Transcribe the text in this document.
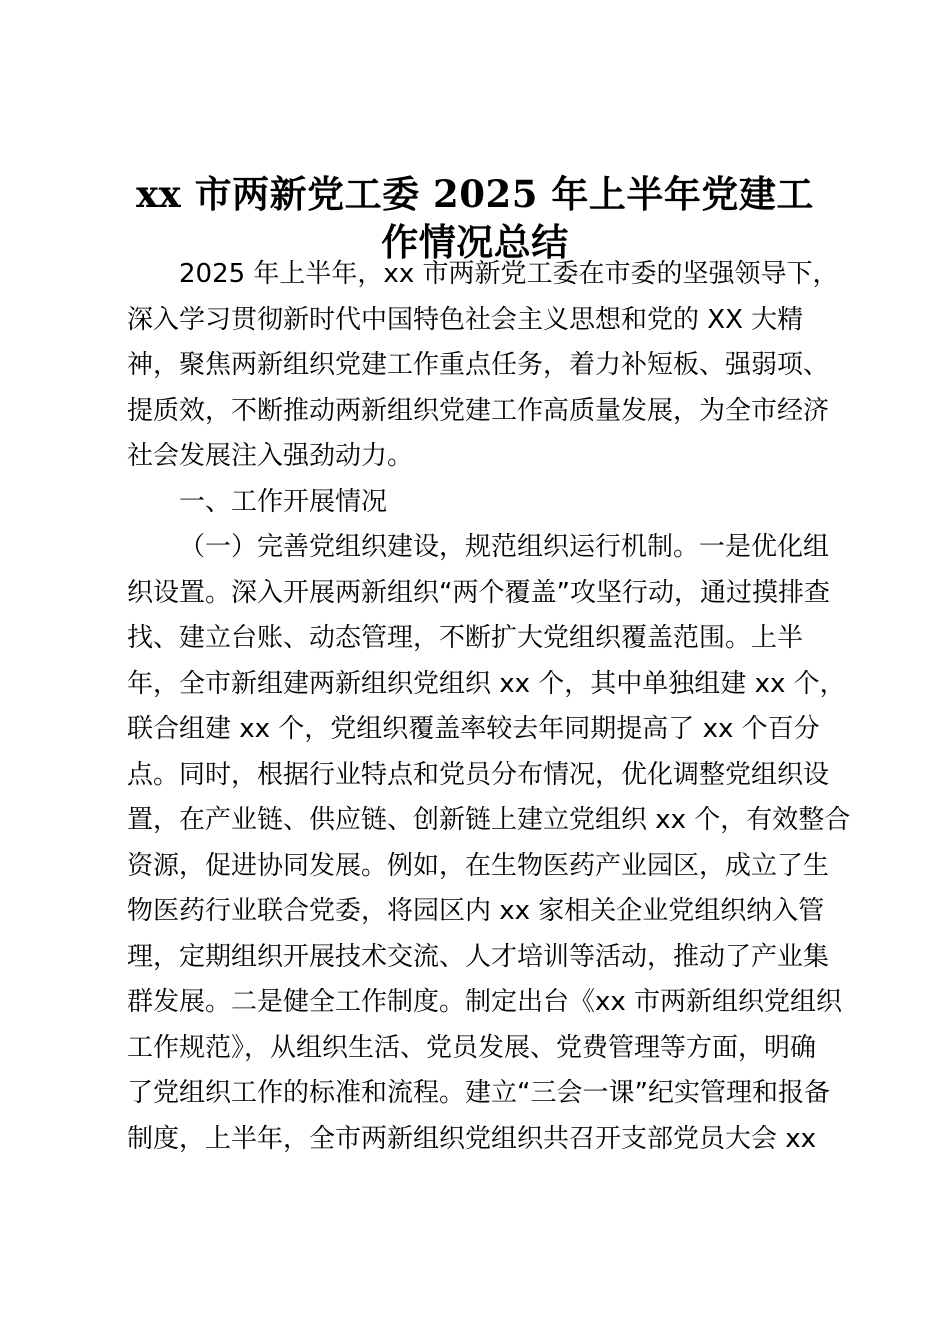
xx 市两新党工委 2025 年上半年党建工
作情况总结

2025 年上半年，xx 市两新党工委在市委的坚强领导下，
深入学习贯彻新时代中国特色社会主义思想和党的 XX 大精
神，聚焦两新组织党建工作重点任务，着力补短板、强弱项、
提质效，不断推动两新组织党建工作高质量发展，为全市经济
社会发展注入强劲动力。

一、工作开展情况

（一）完善党组织建设，规范组织运行机制。一是优化组
织设置。深入开展两新组织“两个覆盖”攻坚行动，通过摸排查
找、建立台账、动态管理，不断扩大党组织覆盖范围。上半
年，全市新组建两新组织党组织 xx 个，其中单独组建 xx 个，
联合组建 xx 个，党组织覆盖率较去年同期提高了 xx 个百分
点。同时，根据行业特点和党员分布情况，优化调整党组织设
置，在产业链、供应链、创新链上建立党组织 xx 个，有效整合
资源，促进协同发展。例如，在生物医药产业园区，成立了生
物医药行业联合党委，将园区内 xx 家相关企业党组织纳入管
理，定期组织开展技术交流、人才培训等活动，推动了产业集
群发展。二是健全工作制度。制定出台《xx 市两新组织党组织
工作规范》，从组织生活、党员发展、党费管理等方面，明确
了党组织工作的标准和流程。建立“三会一课”纪实管理和报备
制度，上半年，全市两新组织党组织共召开支部党员大会 xx
